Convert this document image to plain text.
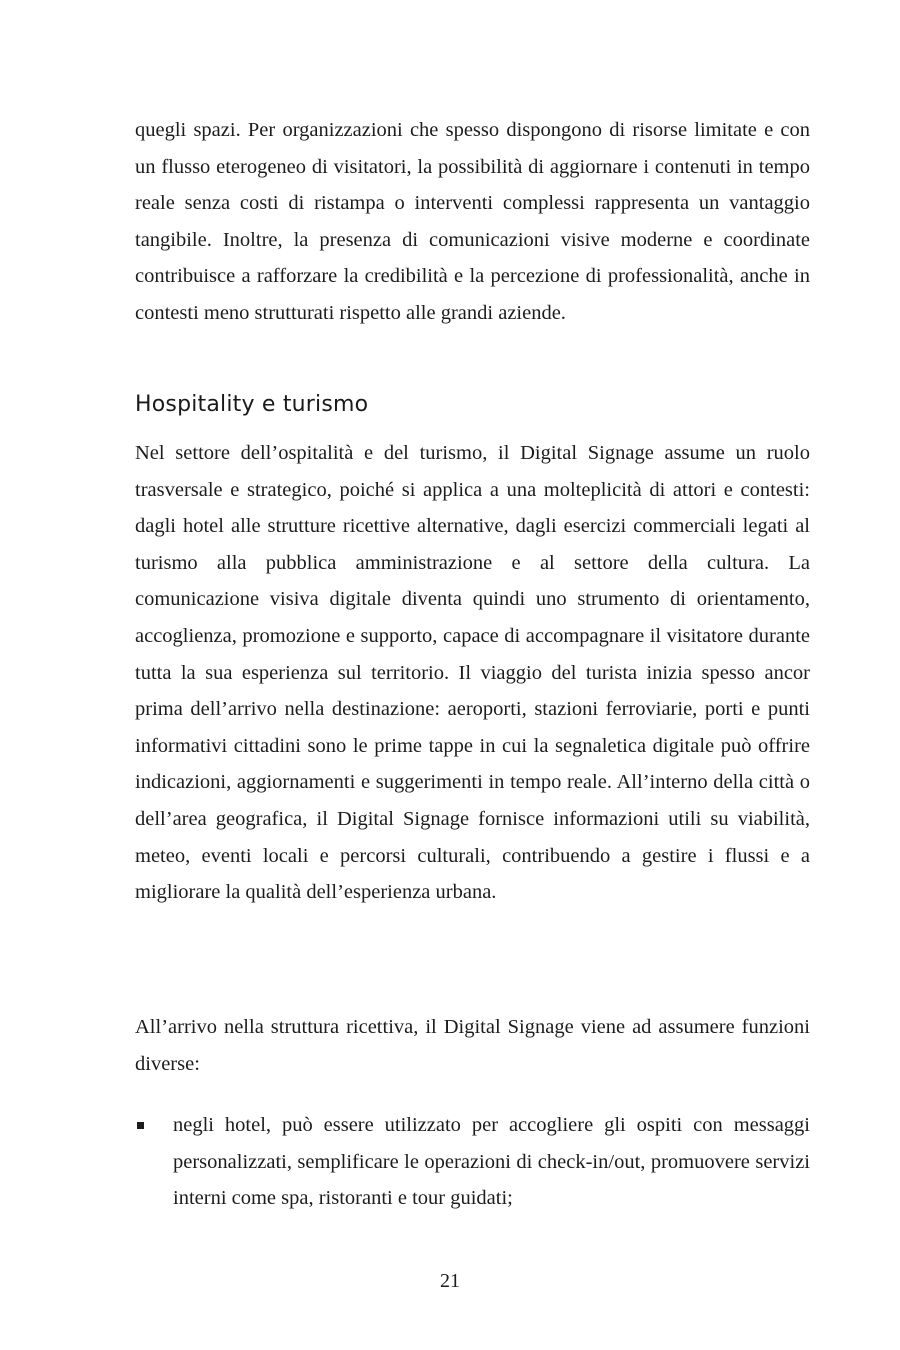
quegli spazi. Per organizzazioni che spesso dispongono di risorse limitate e con un flusso eterogeneo di visitatori, la possibilità di aggiornare i contenuti in tempo reale senza costi di ristampa o interventi complessi rappresenta un vantaggio tangibile. Inoltre, la presenza di comunicazioni visive moderne e coordinate contribuisce a rafforzare la credibilità e la percezione di professionalità, anche in contesti meno strutturati rispetto alle grandi aziende.

Hospitality e turismo

Nel settore dell’ospitalità e del turismo, il Digital Signage assume un ruolo trasversale e strategico, poiché si applica a una molteplicità di attori e contesti: dagli hotel alle strutture ricettive alternative, dagli esercizi commerciali legati al turismo alla pubblica amministrazione e al settore della cultura. La comunicazione visiva digitale diventa quindi uno strumento di orientamento, accoglienza, promozione e supporto, capace di accompagnare il visitatore durante tutta la sua esperienza sul territorio. Il viaggio del turista inizia spesso ancor prima dell’arrivo nella destinazione: aeroporti, stazioni ferroviarie, porti e punti informativi cittadini sono le prime tappe in cui la segnaletica digitale può offrire indicazioni, aggiornamenti e suggerimenti in tempo reale. All’interno della città o dell’area geografica, il Digital Signage fornisce informazioni utili su viabilità, meteo, eventi locali e percorsi culturali, contribuendo a gestire i flussi e a migliorare la qualità dell’esperienza urbana.

All’arrivo nella struttura ricettiva, il Digital Signage viene ad assumere funzioni diverse:

negli hotel, può essere utilizzato per accogliere gli ospiti con messaggi personalizzati, semplificare le operazioni di check-in/out, promuovere servizi interni come spa, ristoranti e tour guidati;
21
